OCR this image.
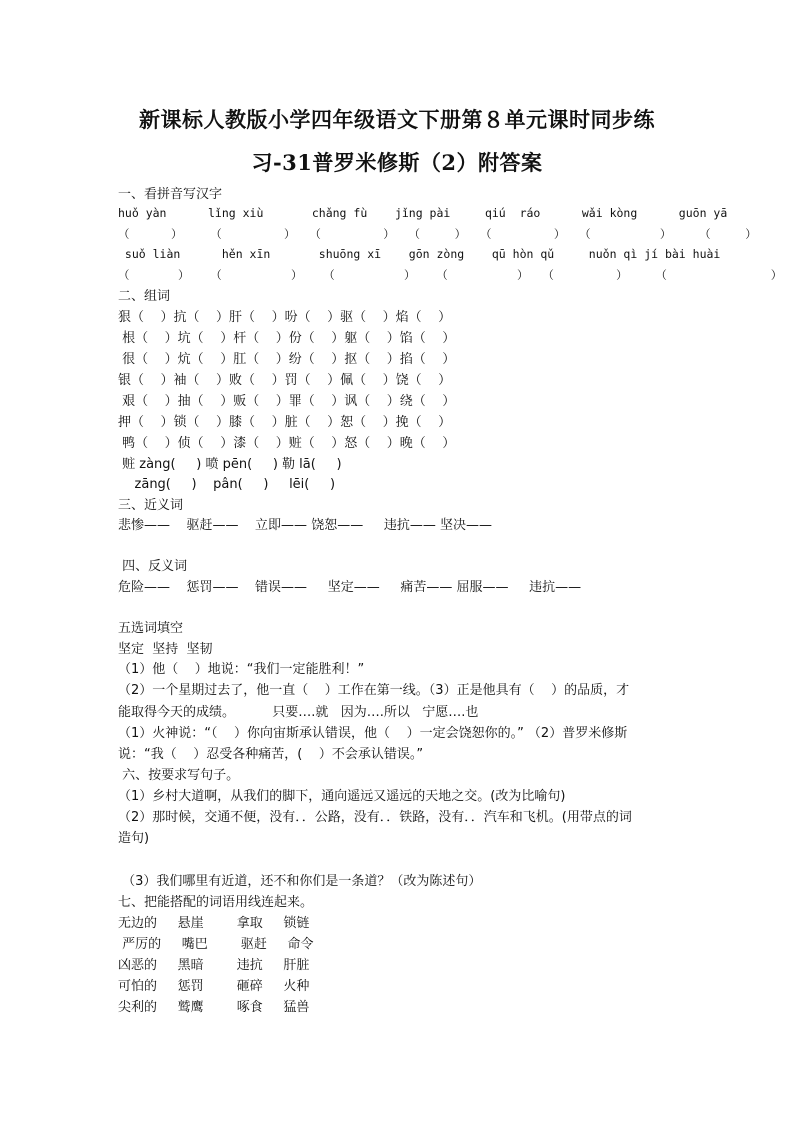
新课标人教版小学四年级语文下册第８单元课时同步练
习-31普罗米修斯（2）附答案
一、看拼音写汉字
huǒ yàn      lǐng xiù       chǎng fù    jǐng pài     qiú  ráo      wǎi kòng      guōn yā
（      ）    （         ）  （         ）  （     ）  （         ）  （          ）    （     ）
suǒ liàn      hěn xīn       shuōng xī    gōn zòng    qū hòn qǔ     nuǒn qì jí bài huài
（       ）   （          ）   （          ）   （          ）  （         ）    （               ）
二、组词
狠（    ）抗（    ）肝（    ）吩（    ）驱（    ）焰（    ）
根（    ）坑（    ）杆（    ）份（    ）躯（    ）馅（    ）
很（    ）炕（    ）肛（    ）纷（    ）抠（    ）掐（    ）
银（    ）袖（    ）败（    ）罚（    ）佩（    ）饶（    ）
艰（    ）抽（    ）贩（    ）罪（    ）讽（    ）绕（    ）
押（    ）锁（    ）膝（    ）脏（    ）恕（    ）挽（    ）
鸭（    ）侦（    ）漆（    ）赃（    ）怒（    ）晚（    ）
赃 zàng(     ) 喷 pēn(     ) 勒 lā(     )
zāng(     )    pân(     )     lēi(     )
三、近义词
悲惨——    驱赶——    立即—— 饶恕——     违抗—— 坚决——
四、反义词
危险——    惩罚——    错误——     坚定——     痛苦—— 屈服——     违抗——
五选词填空
坚定  坚持  坚韧
（1）他（    ）地说：“我们一定能胜利！”
（2）一个星期过去了，他一直（    ）工作在第一线。（3）正是他具有（    ）的品质，才
能取得今天的成绩。         只要….就   因为….所以   宁愿….也
（1）火神说：“（    ）你向宙斯承认错误，他（    ）一定会饶恕你的。” （2）普罗米修斯
说：“我（    ）忍受各种痛苦，(    ）不会承认错误。”
六、按要求写句子。
（1）乡村大道啊，从我们的脚下，通向遥远又遥远的天地之交。(改为比喻句)
（2）那时候，交通不便，没有．．公路，没有．．铁路，没有．．汽车和飞机。(用带点的词
造句)
（3）我们哪里有近道，还不和你们是一条道？（改为陈述句）
七、把能搭配的词语用线连起来。
无边的     悬崖        拿取     锁链
严厉的     嘴巴        驱赶     命令
凶恶的     黑暗        违抗     肝脏
可怕的     惩罚        砸碎     火种
尖利的     鹫鹰        啄食     猛兽
